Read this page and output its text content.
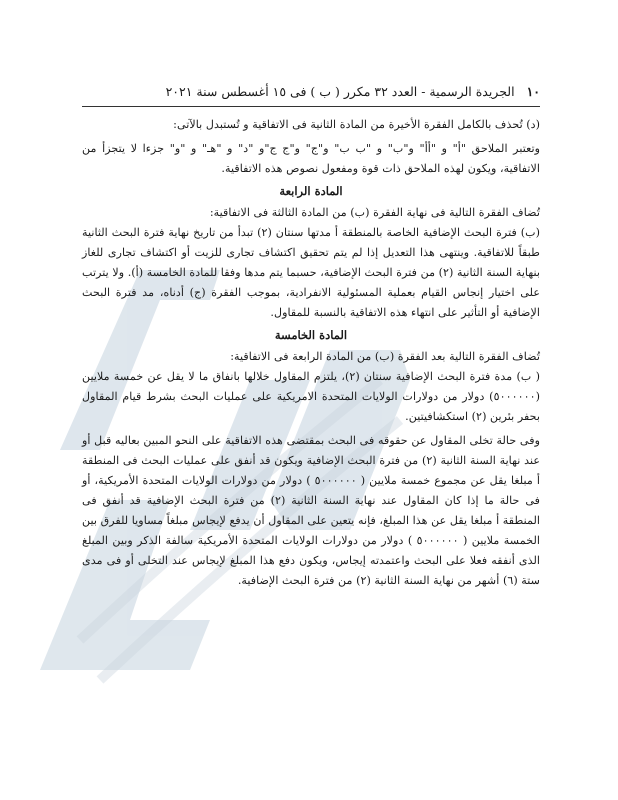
١٠
الجريدة الرسمية - العدد ٣٢ مكرر ( ب ) فى ١٥ أغسطس سنة ٢٠٢١

(د) تُحذف بالكامل الفقرة الأخيرة من المادة الثانية فى الاتفاقية و تُستبدل بالآتى:

وتعتبر الملاحق "أ" و "أأ" و"ب" و "ب ب" و"ج" و"ج ج"و "د" و "هـ" و "و" جزءا لا يتجزأ من الاتفاقية، ويكون لهذه الملاحق ذات قوة ومفعول نصوص هذه الاتفاقية.

المادة الرابعة

تُضاف الفقرة التالية فى نهاية الفقرة (ب) من المادة الثالثة فى الاتفاقية:

(ب) فترة البحث الإضافية الخاصة بالمنطقة أ مدتها سنتان (٢) تبدأ من تاريخ نهاية فترة البحث الثانية طبقاً للاتفاقية. وينتهى هذا التعديل إذا لم يتم تحقيق اكتشاف تجارى للزيت أو اكتشاف تجارى للغاز بنهاية السنة الثانية (٢) من فترة البحث الإضافية، حسبما يتم مدها وفقا للمادة الخامسة (أ). ولا يترتب على اختيار إنجاس القيام بعملية المسئولية الانفرادية، بموجب الفقرة (ج) أدناه، مد فترة البحث الإضافية أو التأثير على انتهاء هذه الاتفاقية بالنسبة للمقاول.

المادة الخامسة

تُضاف الفقرة التالية بعد الفقرة (ب) من المادة الرابعة فى الاتفاقية:

( ب) مدة فترة البحث الإضافية سنتان (٢)، يلتزم المقاول خلالها بانفاق ما لا يقل عن خمسة ملايين (٥٠٠٠٠٠٠) دولار من دولارات الولايات المتحدة الامريكية على عمليات البحث بشرط قيام المقاول بحفر بئرين (٢) استكشافيتين.

وفى حالة تخلى المقاول عن حقوقه فى البحث بمقتضى هذه الاتفاقية على النحو المبين بعاليه قبل أو عند نهاية السنة الثانية (٢) من فترة البحث الإضافية ويكون قد أنفق على عمليات البحث فى المنطقة أ مبلغا يقل عن مجموع خمسة ملايين ( ٥٠٠٠٠٠٠ ) دولار من دولارات الولايات المتحدة الأمريكية، أو فى حالة ما إذا كان المقاول عند نهاية السنة الثانية (٢) من فترة البحث الإضافية قد أنفق فى المنطقة أ مبلغا يقل عن هذا المبلغ، فإنه يتعين على المقاول أن يدفع لإيجاس مبلغاً مساويا للفرق بين الخمسة ملايين ( ٥٠٠٠٠٠٠ ) دولار من دولارات الولايات المتحدة الأمريكية سالفة الذكر وبين المبلغ الذى أنفقه فعلا على البحث واعتمدته إيجاس، ويكون دفع هذا المبلغ لإيجاس عند التخلى أو فى مدى ستة (٦) أشهر من نهاية السنة الثانية (٢) من فترة البحث الإضافية.
